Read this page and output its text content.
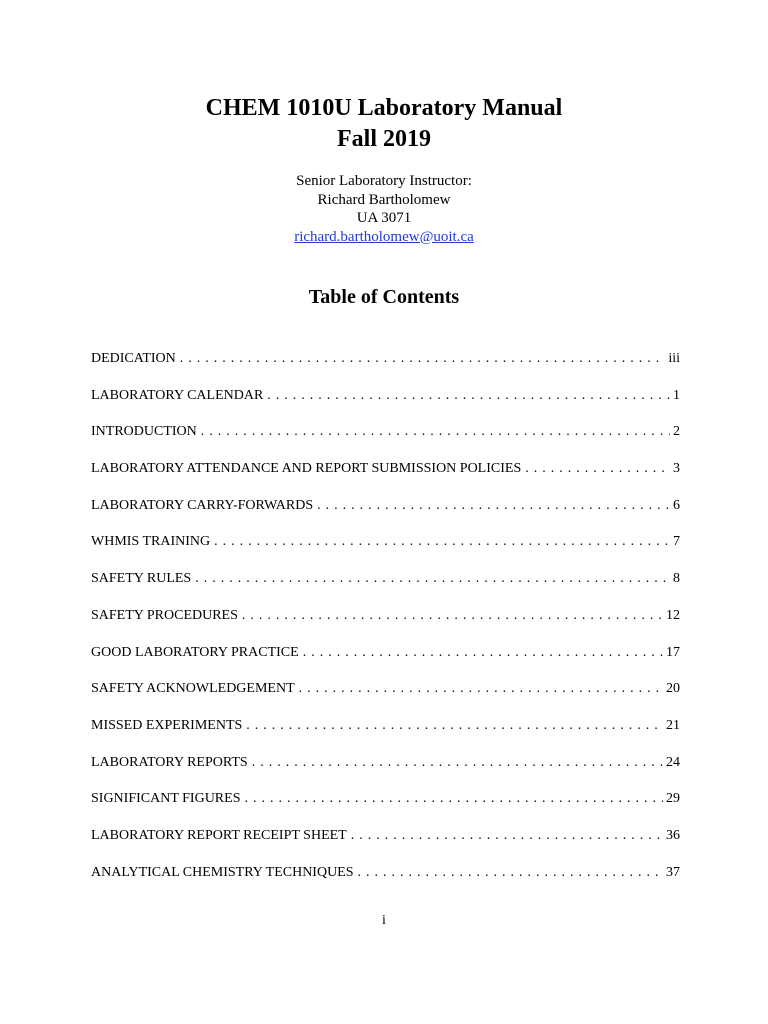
CHEM 1010U Laboratory Manual
Fall 2019
Senior Laboratory Instructor:
Richard Bartholomew
UA 3071
richard.bartholomew@uoit.ca
Table of Contents
DEDICATION . . .	iii
LABORATORY CALENDAR . . .	1
INTRODUCTION . . .	2
LABORATORY ATTENDANCE AND REPORT SUBMISSION POLICIES . . .	3
LABORATORY CARRY-FORWARDS . . .	6
WHMIS TRAINING . . .	7
SAFETY RULES . . .	8
SAFETY PROCEDURES . . .	12
GOOD LABORATORY PRACTICE . . .	17
SAFETY ACKNOWLEDGEMENT . . .	20
MISSED EXPERIMENTS . . .	21
LABORATORY REPORTS . . .	24
SIGNIFICANT FIGURES . . .	29
LABORATORY REPORT RECEIPT SHEET . . .	36
ANALYTICAL CHEMISTRY TECHNIQUES . . .	37
i
